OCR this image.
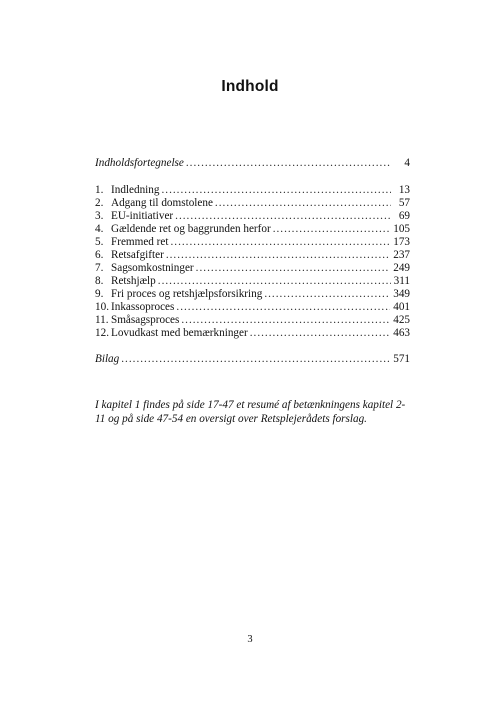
Indhold
Indholdsfortegnelse .....	4
1. Indledning .....	13
2. Adgang til domstolene .....	57
3. EU-initiativer .....	69
4. Gældende ret og baggrunden herfor .....	105
5. Fremmed ret .....	173
6. Retsafgifter .....	237
7. Sagsomkostninger .....	249
8. Retshjælp .....	311
9. Fri proces og retshjælpsforsikring .....	349
10. Inkassoproces .....	401
11. Småsagsproces .....	425
12. Lovudkast med bemærkninger .....	463
Bilag .....	571
I kapitel 1 findes på side 17-47 et resumé af betænkningens kapitel 2-11 og på side 47-54 en oversigt over Retsplejerådets forslag.
3
